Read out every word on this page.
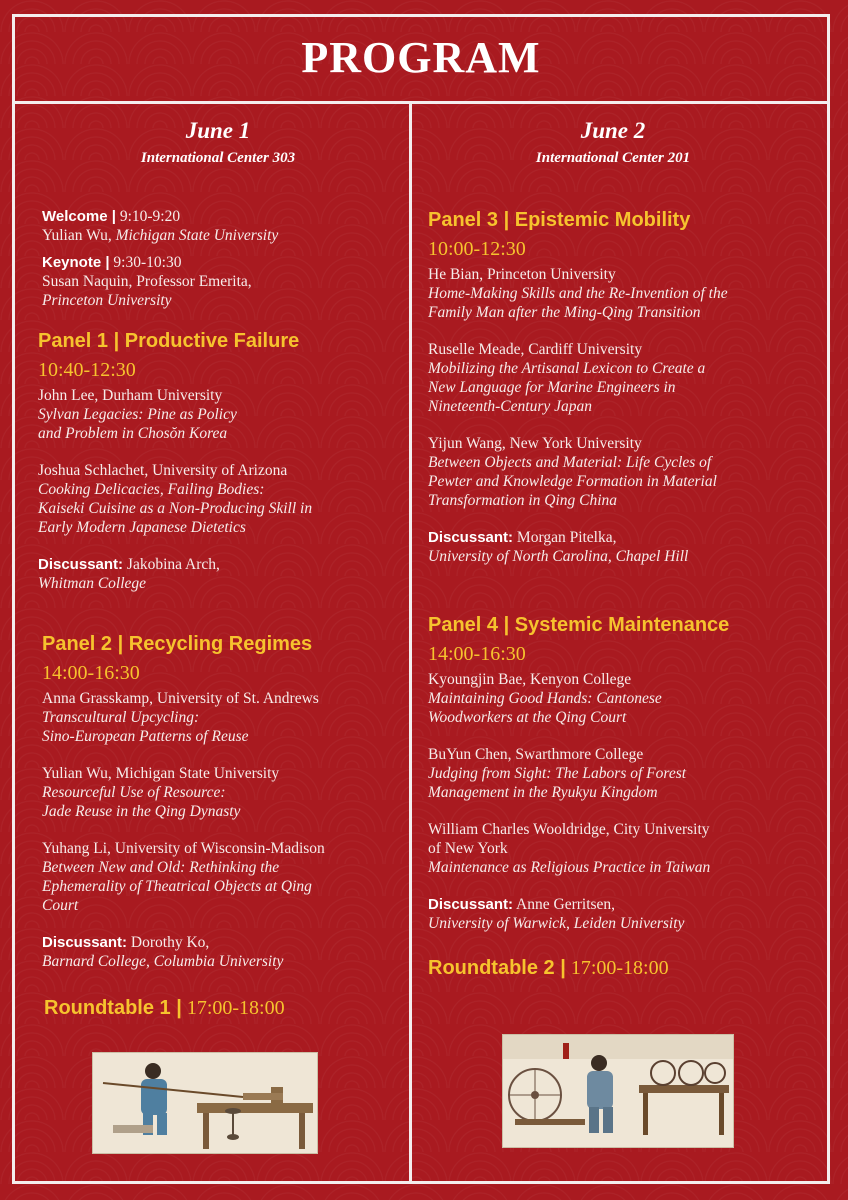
PROGRAM
June 1
International Center 303
Welcome | 9:10-9:20
Yulian Wu, Michigan State University
Keynote | 9:30-10:30
Susan Naquin, Professor Emerita,
Princeton University
Panel 1 | Productive Failure
10:40-12:30
John Lee, Durham University
Sylvan Legacies: Pine as Policy
and Problem in Chosŏn Korea
Joshua Schlachet, University of Arizona
Cooking Delicacies, Failing Bodies:
Kaiseki Cuisine as a Non-Producing Skill in
Early Modern Japanese Dietetics
Discussant: Jakobina Arch,
Whitman College
Panel 2 | Recycling Regimes
14:00-16:30
Anna Grasskamp, University of St. Andrews
Transcultural Upcycling:
Sino-European Patterns of Reuse
Yulian Wu, Michigan State University
Resourceful Use of Resource:
Jade Reuse in the Qing Dynasty
Yuhang Li, University of Wisconsin-Madison
Between New and Old: Rethinking the
Ephemerality of Theatrical Objects at Qing
Court
Discussant: Dorothy Ko,
Barnard College, Columbia University
Roundtable 1 | 17:00-18:00
June 2
International Center 201
Panel 3 | Epistemic Mobility
10:00-12:30
He Bian, Princeton University
Home-Making Skills and the Re-Invention of the
Family Man after the Ming-Qing Transition
Ruselle Meade, Cardiff University
Mobilizing the Artisanal Lexicon to Create a
New Language for Marine Engineers in
Nineteenth-Century Japan
Yijun Wang, New York University
Between Objects and Material: Life Cycles of
Pewter and Knowledge Formation in Material
Transformation in Qing China
Discussant: Morgan Pitelka,
University of North Carolina, Chapel Hill
Panel 4 | Systemic Maintenance
14:00-16:30
Kyoungjin Bae, Kenyon College
Maintaining Good Hands: Cantonese
Woodworkers at the Qing Court
BuYun Chen, Swarthmore College
Judging from Sight: The Labors of Forest
Management in the Ryukyu Kingdom
William Charles Wooldridge, City University
of New York
Maintenance as Religious Practice in Taiwan
Discussant: Anne Gerritsen,
University of Warwick, Leiden University
Roundtable 2 | 17:00-18:00
